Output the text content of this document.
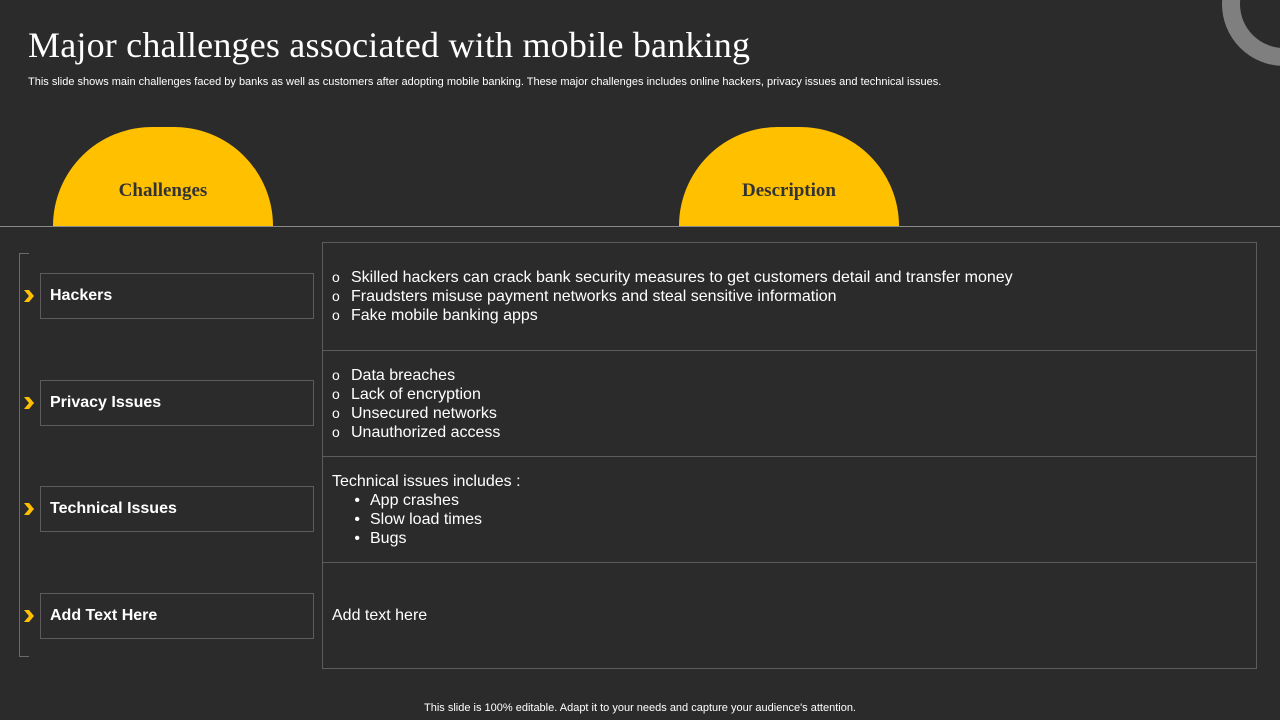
Major challenges associated with mobile banking
This slide shows main challenges faced by banks as well as customers after adopting mobile banking. These major challenges includes online hackers, privacy issues and technical issues.
Challenges	Description
Hackers
Privacy Issues
Technical Issues
Add Text Here
o Skilled hackers can crack bank security measures to get customers detail and transfer money
o Fraudsters misuse payment networks and steal sensitive information
o Fake mobile banking apps
o Data breaches
o Lack of encryption
o Unsecured networks
o Unauthorized access
Technical issues includes :
• App crashes
• Slow load times
• Bugs
Add text here
This slide is 100% editable. Adapt it to your needs and capture your audience's attention.
